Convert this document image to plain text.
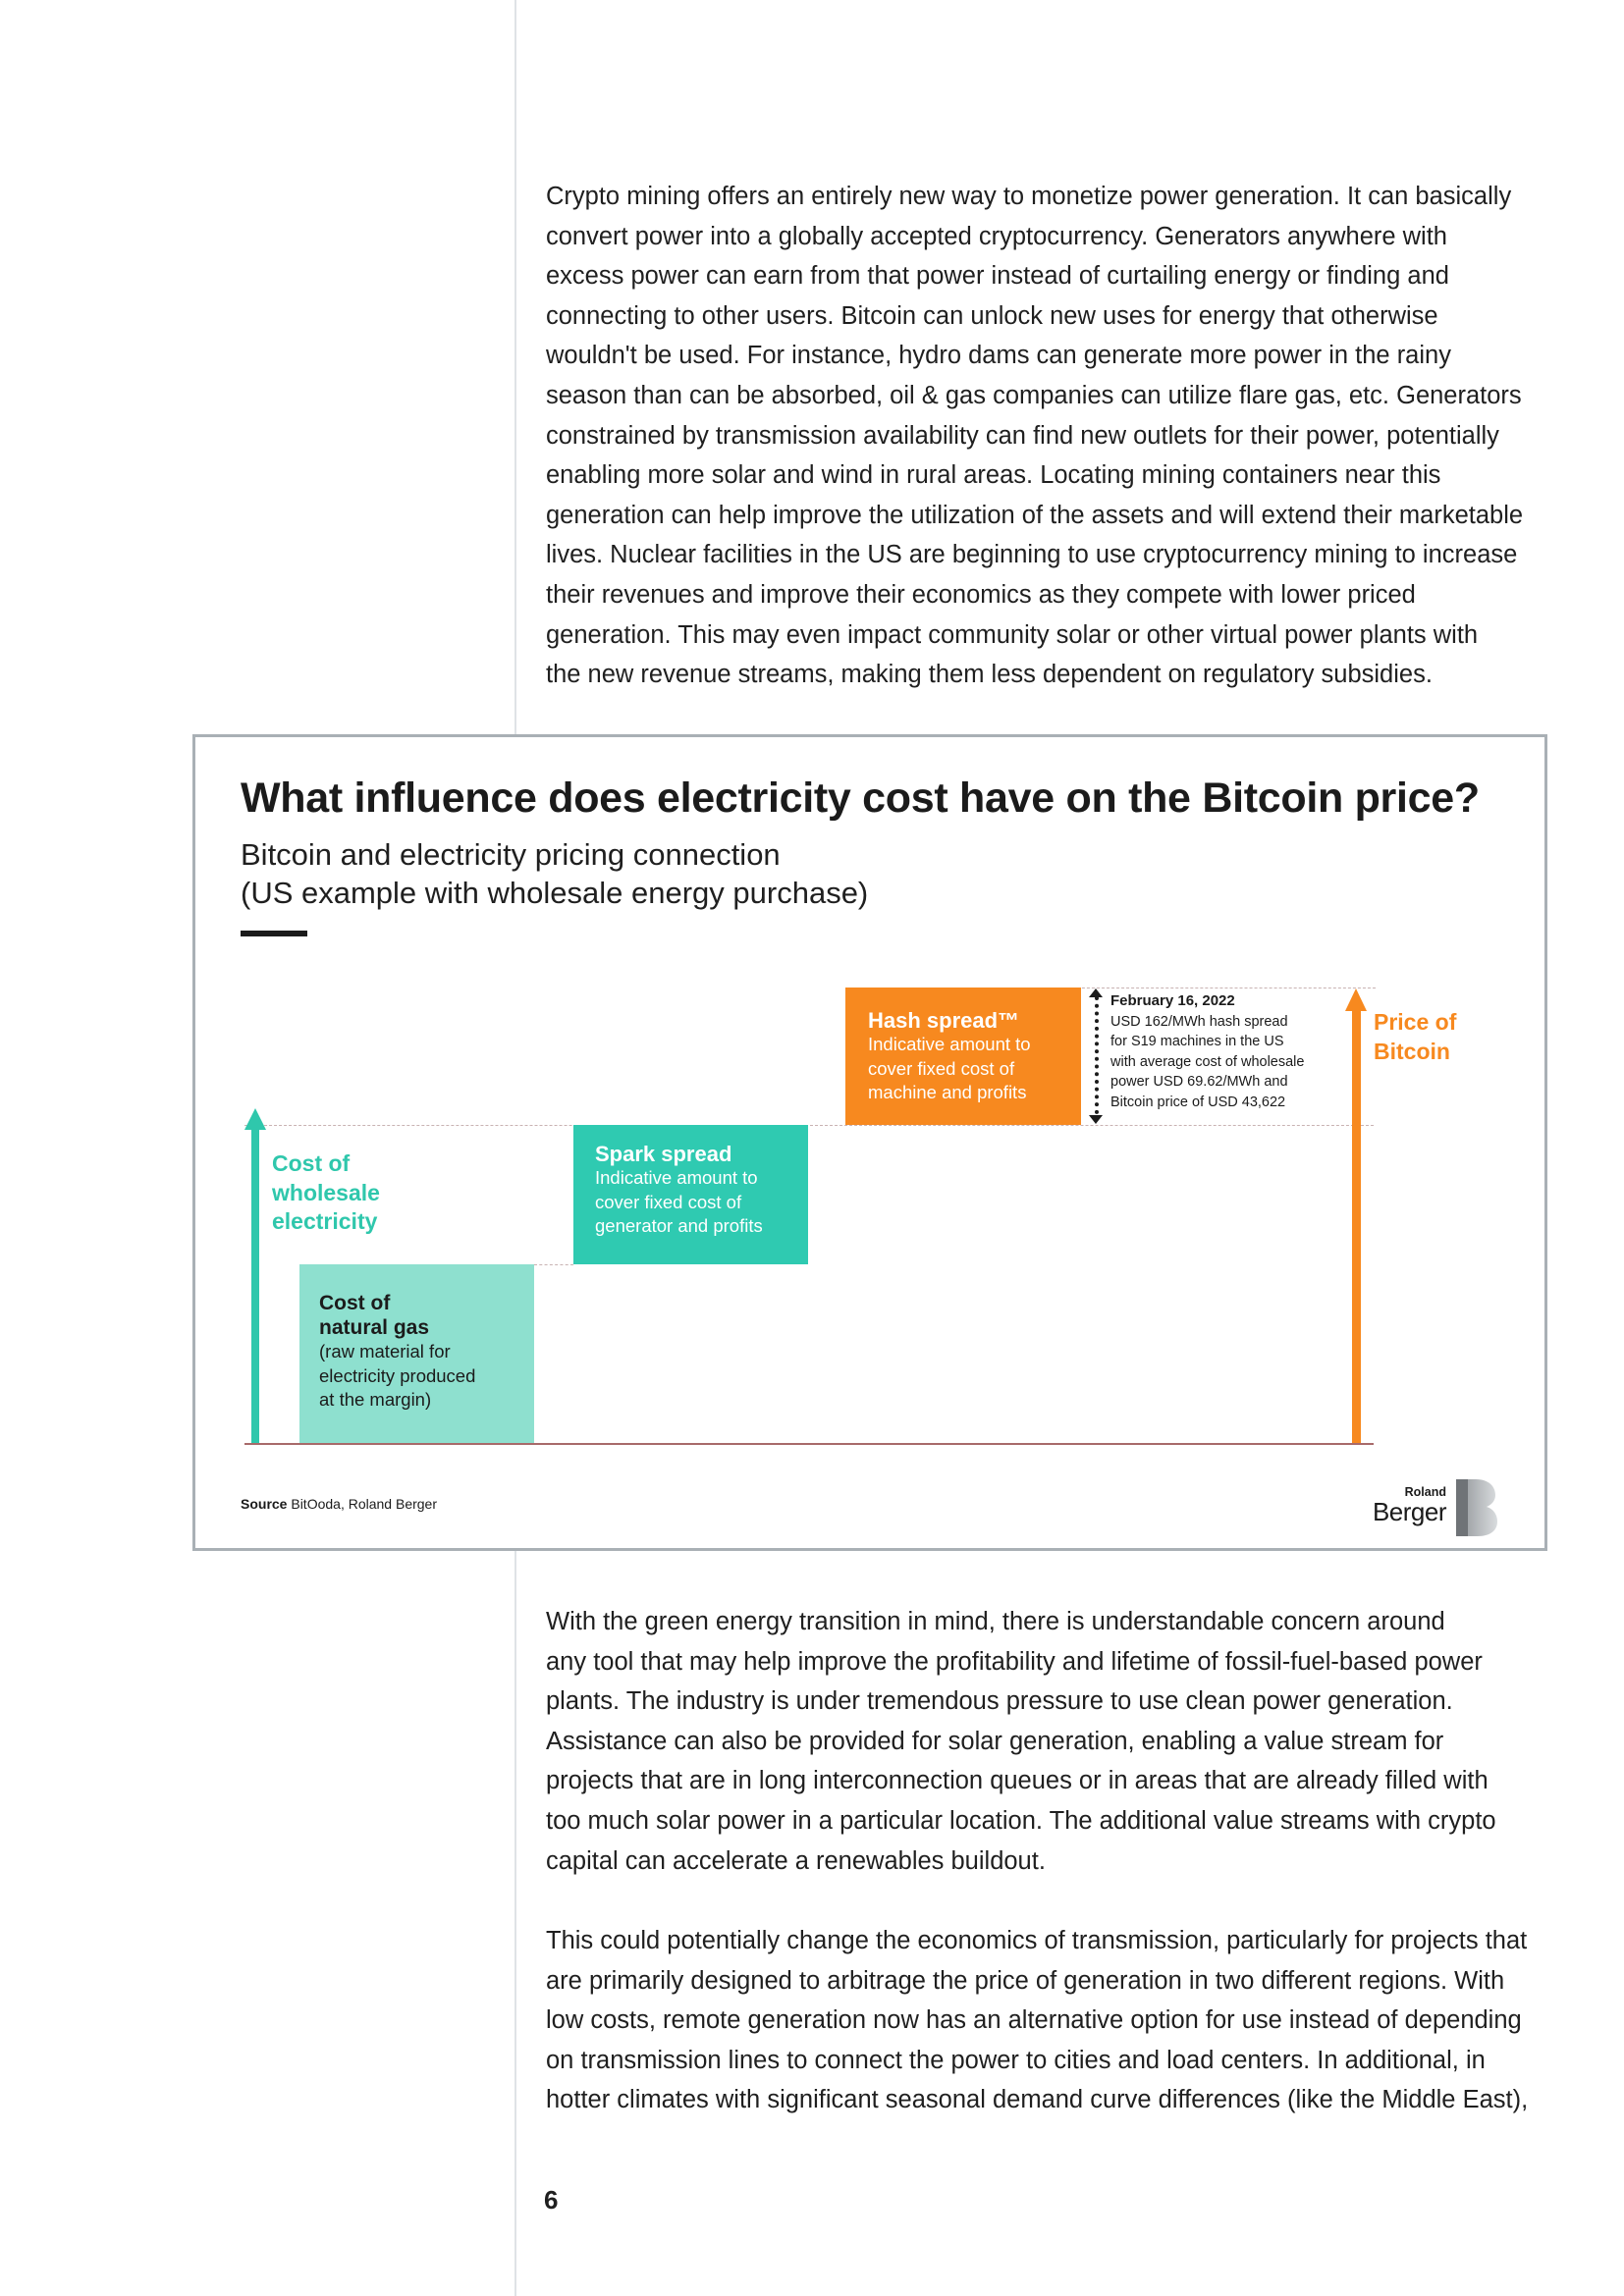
Crypto mining offers an entirely new way to monetize power generation. It can basically
convert power into a globally accepted cryptocurrency. Generators anywhere with
excess power can earn from that power instead of curtailing energy or finding and
connecting to other users. Bitcoin can unlock new uses for energy that otherwise
wouldn't be used. For instance, hydro dams can generate more power in the rainy
season than can be absorbed, oil & gas companies can utilize flare gas, etc. Generators
constrained by transmission availability can find new outlets for their power, potentially
enabling more solar and wind in rural areas. Locating mining containers near this
generation can help improve the utilization of the assets and will extend their marketable
lives. Nuclear facilities in the US are beginning to use cryptocurrency mining to increase
their revenues and improve their economics as they compete with lower priced
generation. This may even impact community solar or other virtual power plants with
the new revenue streams, making them less dependent on regulatory subsidies.

What influence does electricity cost have on the Bitcoin price?
Bitcoin and electricity pricing connection
(US example with wholesale energy purchase)
Cost of
wholesale
electricity
Cost of
natural gas
(raw material for
electricity produced
at the margin)
Spark spread
Indicative amount to
cover fixed cost of
generator and profits
Hash spread™
Indicative amount to
cover fixed cost of
machine and profits
February 16, 2022
USD 162/MWh hash spread
for S19 machines in the US
with average cost of wholesale
power USD 69.62/MWh and
Bitcoin price of USD 43,622
Price of
Bitcoin
Source BitOoda, Roland Berger
Roland
Berger

With the green energy transition in mind, there is understandable concern around
any tool that may help improve the profitability and lifetime of fossil-fuel-based power
plants. The industry is under tremendous pressure to use clean power generation.
Assistance can also be provided for solar generation, enabling a value stream for
projects that are in long interconnection queues or in areas that are already filled with
too much solar power in a particular location. The additional value streams with crypto
capital can accelerate a renewables buildout.

This could potentially change the economics of transmission, particularly for projects that
are primarily designed to arbitrage the price of generation in two different regions. With
low costs, remote generation now has an alternative option for use instead of depending
on transmission lines to connect the power to cities and load centers. In additional, in
hotter climates with significant seasonal demand curve differences (like the Middle East),

6
